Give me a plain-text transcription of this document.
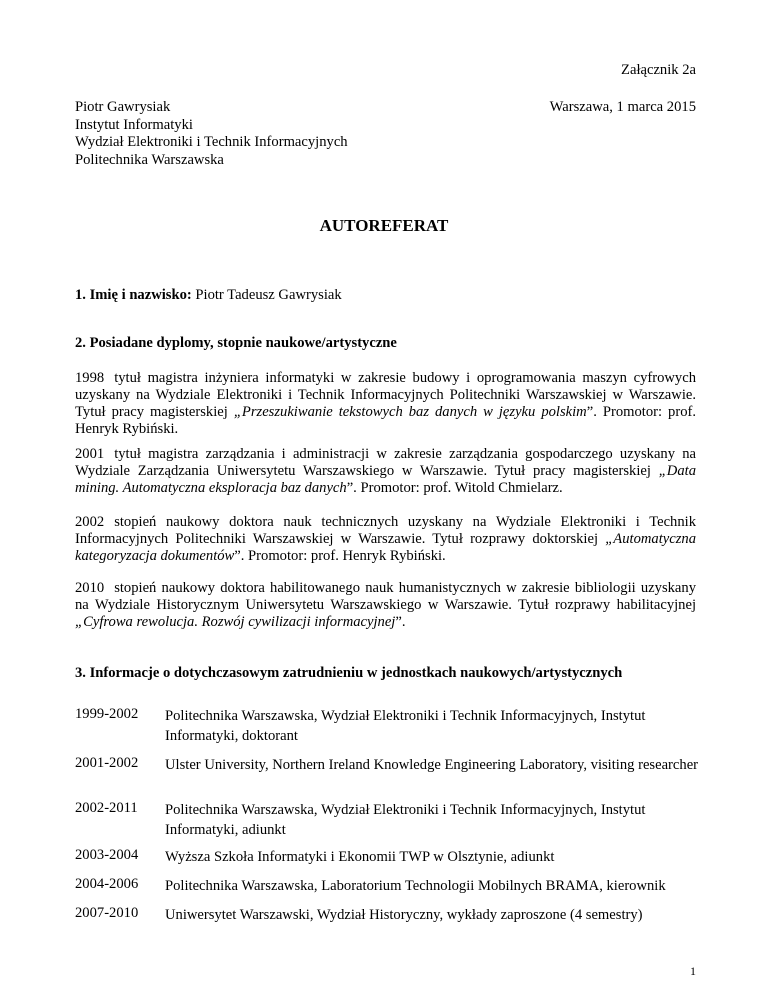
Załącznik 2a
Warszawa, 1 marca 2015
Piotr Gawrysiak
Instytut Informatyki
Wydział Elektroniki i Technik Informacyjnych
Politechnika Warszawska
AUTOREFERAT
1. Imię i nazwisko: Piotr Tadeusz Gawrysiak
2. Posiadane dyplomy, stopnie naukowe/artystyczne
1998 tytuł magistra inżyniera informatyki w zakresie budowy i oprogramowania maszyn cyfrowych uzyskany na Wydziale Elektroniki i Technik Informacyjnych Politechniki Warszawskiej w Warszawie. Tytuł pracy magisterskiej „Przeszukiwanie tekstowych baz danych w języku polskim”. Promotor: prof. Henryk Rybiński.
2001 tytuł magistra zarządzania i administracji w zakresie zarządzania gospodarczego uzyskany na Wydziale Zarządzania Uniwersytetu Warszawskiego w Warszawie. Tytuł pracy magisterskiej „Data mining. Automatyczna eksploracja baz danych”. Promotor: prof. Witold Chmielarz.
2002 stopień naukowy doktora nauk technicznych uzyskany na Wydziale Elektroniki i Technik Informacyjnych Politechniki Warszawskiej w Warszawie. Tytuł rozprawy doktorskiej „Automatyczna kategoryzacja dokumentów”. Promotor: prof. Henryk Rybiński.
2010 stopień naukowy doktora habilitowanego nauk humanistycznych w zakresie bibliologii uzyskany na Wydziale Historycznym Uniwersytetu Warszawskiego w Warszawie. Tytuł rozprawy habilitacyjnej „Cyfrowa rewolucja. Rozwój cywilizacji informacyjnej”.
3. Informacje o dotychczasowym zatrudnieniu w jednostkach naukowych/artystycznych
1999-2002 Politechnika Warszawska, Wydział Elektroniki i Technik Informacyjnych, Instytut Informatyki, doktorant
2001-2002 Ulster University, Northern Ireland Knowledge Engineering Laboratory, visiting researcher
2002-2011 Politechnika Warszawska, Wydział Elektroniki i Technik Informacyjnych, Instytut Informatyki, adiunkt
2003-2004 Wyższa Szkoła Informatyki i Ekonomii TWP w Olsztynie, adiunkt
2004-2006 Politechnika Warszawska, Laboratorium Technologii Mobilnych BRAMA, kierownik
2007-2010 Uniwersytet Warszawski, Wydział Historyczny, wykłady zaproszone (4 semestry)
1
